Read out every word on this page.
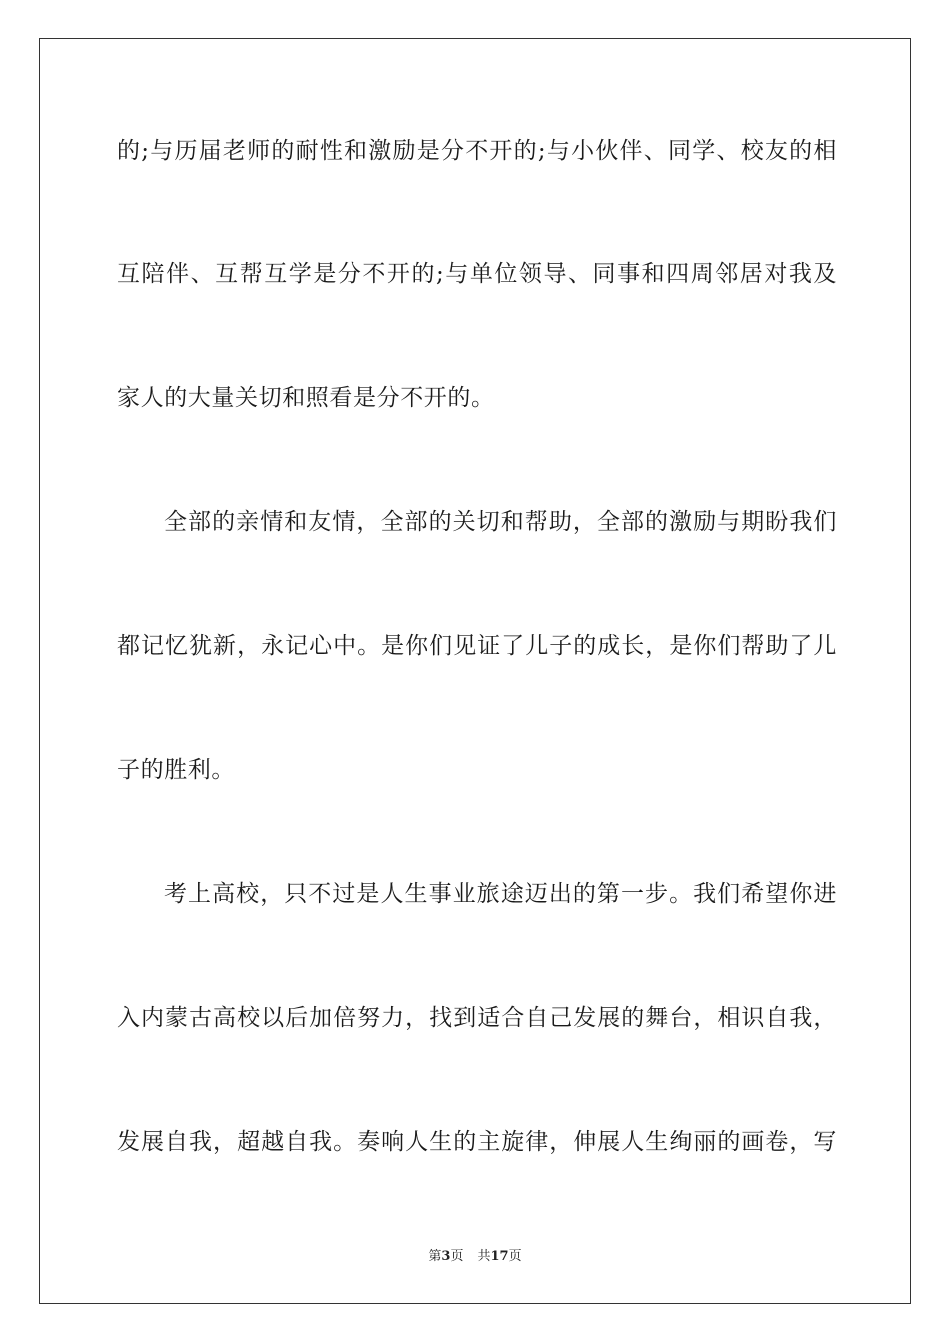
的;与历届老师的耐性和激励是分不开的;与小伙伴、同学、校友的相
互陪伴、互帮互学是分不开的;与单位领导、同事和四周邻居对我及
家人的大量关切和照看是分不开的。
全部的亲情和友情，全部的关切和帮助，全部的激励与期盼我们
都记忆犹新，永记心中。是你们见证了儿子的成长，是你们帮助了儿
子的胜利。
考上高校，只不过是人生事业旅途迈出的第一步。我们希望你进
入内蒙古高校以后加倍努力，找到适合自己发展的舞台，相识自我，
发展自我，超越自我。奏响人生的主旋律，伸展人生绚丽的画卷，写
第3页 共17页
